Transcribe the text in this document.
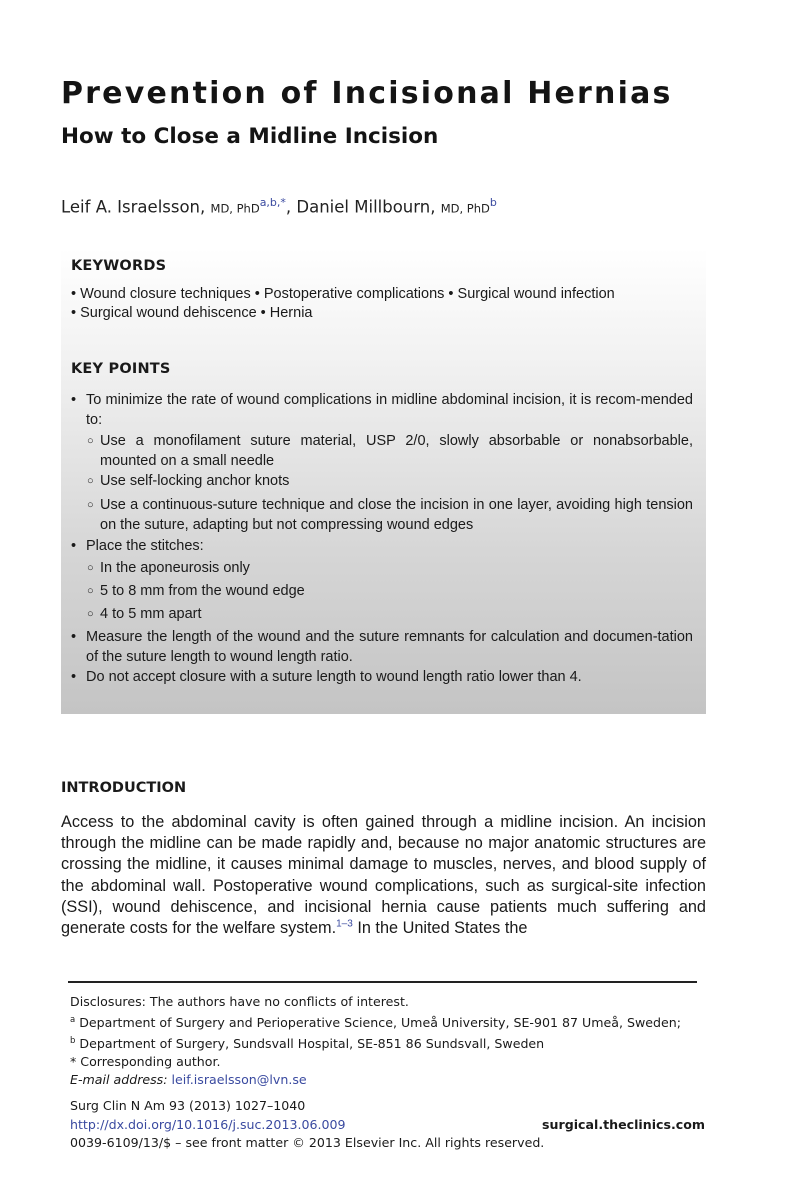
Prevention of Incisional Hernias
How to Close a Midline Incision
Leif A. Israelsson, MD, PhD$^{a,b,*}$, Daniel Millbourn, MD, PhD$^b$
KEYWORDS
• Wound closure techniques • Postoperative complications • Surgical wound infection
• Surgical wound dehiscence • Hernia
KEY POINTS
• To minimize the rate of wound complications in midline abdominal incision, it is recom-mended to:
○ Use a monofilament suture material, USP 2/0, slowly absorbable or nonabsorbable, mounted on a small needle
○ Use self-locking anchor knots
○ Use a continuous-suture technique and close the incision in one layer, avoiding high tension on the suture, adapting but not compressing wound edges
• Place the stitches:
○ In the aponeurosis only
○ 5 to 8 mm from the wound edge
○ 4 to 5 mm apart
• Measure the length of the wound and the suture remnants for calculation and documen-tation of the suture length to wound length ratio.
• Do not accept closure with a suture length to wound length ratio lower than 4.
INTRODUCTION

Access to the abdominal cavity is often gained through a midline incision. An incision through the midline can be made rapidly and, because no major anatomic structures are crossing the midline, it causes minimal damage to muscles, nerves, and blood supply of the abdominal wall. Postoperative wound complications, such as surgical-site infection (SSI), wound dehiscence, and incisional hernia cause patients much suffering and generate costs for the welfare system.$^{1-3}$ In the United States the

Disclosures: The authors have no conflicts of interest.
$^a$ Department of Surgery and Perioperative Science, Umeå University, SE-901 87 Umeå, Sweden;
$^b$ Department of Surgery, Sundsvall Hospital, SE-851 86 Sundsvall, Sweden
* Corresponding author.
E-mail address: leif.israelsson@lvn.se
Surg Clin N Am 93 (2013) 1027–1040
http://dx.doi.org/10.1016/j.suc.2013.06.009	surgical.theclinics.com
0039-6109/13/$ – see front matter © 2013 Elsevier Inc. All rights reserved.
